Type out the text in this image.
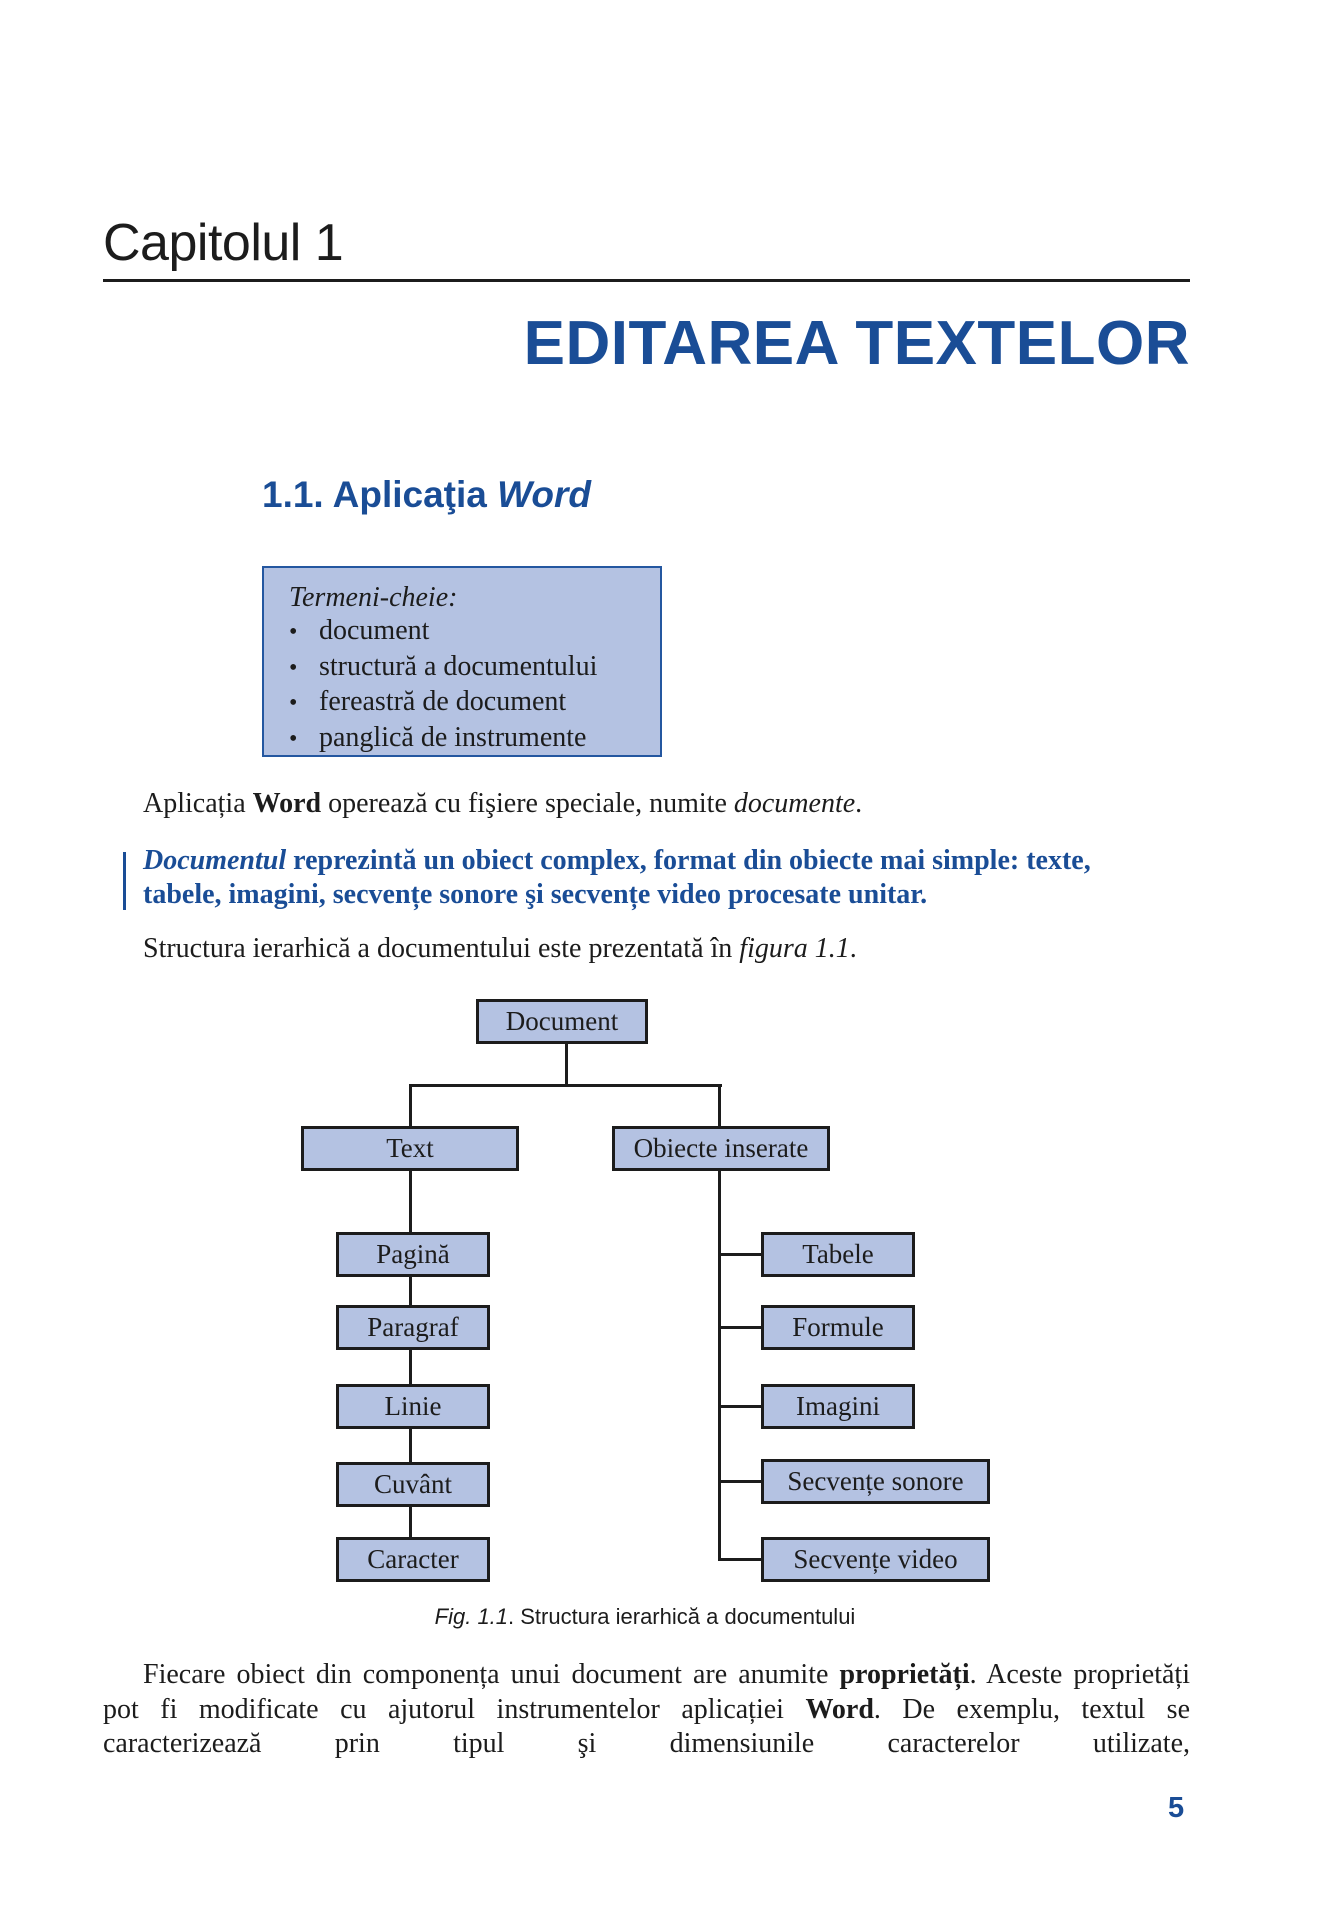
Capitolul 1
EDITAREA TEXTELOR
1.1. Aplicaţia Word
Termeni-cheie:
• document
• structură a documentului
• fereastră de document
• panglică de instrumente
Aplicația Word operează cu fişiere speciale, numite documente.
Documentul reprezintă un obiect complex, format din obiecte mai simple: texte,
tabele, imagini, secvențe sonore şi secvențe video procesate unitar.
Structura ierarhică a documentului este prezentată în figura 1.1.
Document
Text	Obiecte inserate
Pagină
Paragraf
Linie
Cuvânt
Caracter
Tabele
Formule
Imagini
Secvențe sonore
Secvențe video
Fig. 1.1. Structura ierarhică a documentului
Fiecare obiect din componența unui document are anumite proprietăți. Aceste proprietăți pot fi modificate cu ajutorul instrumentelor aplicației Word. De exemplu, textul se caracterizează prin tipul şi dimensiunile caracterelor utilizate,
5
